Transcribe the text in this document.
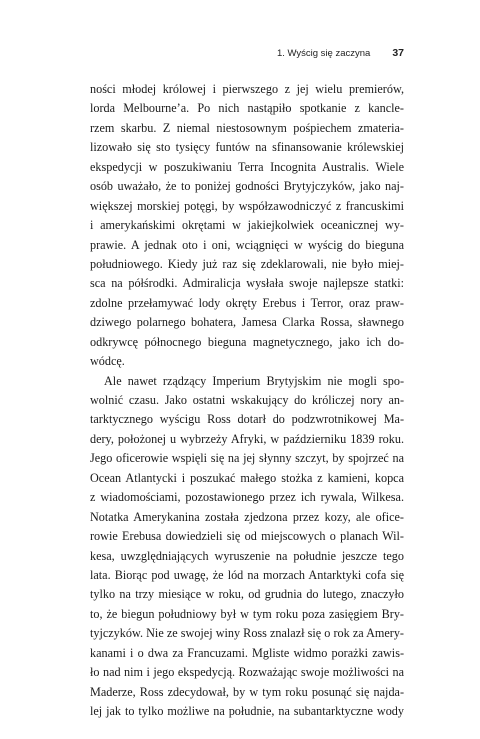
1. Wyścig się zaczyna 37
ności młodej królowej i pierwszego z jej wielu premierów,
lorda Melbourne’a. Po nich nastąpiło spotkanie z kancle-
rzem skarbu. Z niemal niestosownym pośpiechem zmateria-
lizowało się sto tysięcy funtów na sfinansowanie królewskiej
ekspedycji w poszukiwaniu Terra Incognita Australis. Wiele
osób uważało, że to poniżej godności Brytyjczyków, jako naj-
większej morskiej potęgi, by współzawodniczyć z francuskimi
i amerykańskimi okrętami w jakiejkolwiek oceanicznej wy-
prawie. A jednak oto i oni, wciągnięci w wyścig do bieguna
południowego. Kiedy już raz się zdeklarowali, nie było miej-
sca na półśrodki. Admiralicja wysłała swoje najlepsze statki:
zdolne przełamywać lody okręty Erebus i Terror, oraz praw-
dziwego polarnego bohatera, Jamesa Clarka Rossa, sławnego
odkrywcę północnego bieguna magnetycznego, jako ich do-
wódcę.
Ale nawet rządzący Imperium Brytyjskim nie mogli spo-
wolnić czasu. Jako ostatni wskakujący do króliczej nory an-
tarktycznego wyścigu Ross dotarł do podzwrotnikowej Ma-
dery, położonej u wybrzeży Afryki, w październiku 1839 roku.
Jego oficerowie wspięli się na jej słynny szczyt, by spojrzeć na
Ocean Atlantycki i poszukać małego stożka z kamieni, kopca
z wiadomościami, pozostawionego przez ich rywala, Wilkesa.
Notatka Amerykanina została zjedzona przez kozy, ale ofice-
rowie Erebusa dowiedzieli się od miejscowych o planach Wil-
kesa, uwzględniających wyruszenie na południe jeszcze tego
lata. Biorąc pod uwagę, że lód na morzach Antarktyki cofa się
tylko na trzy miesiące w roku, od grudnia do lutego, znaczyło
to, że biegun południowy był w tym roku poza zasięgiem Bry-
tyjczyków. Nie ze swojej winy Ross znalazł się o rok za Amery-
kanami i o dwa za Francuzami. Mgliste widmo porażki zawis-
ło nad nim i jego ekspedycją. Rozważając swoje możliwości na
Maderze, Ross zdecydował, by w tym roku posunąć się najda-
lej jak to tylko możliwe na południe, na subantarktyczne wody
